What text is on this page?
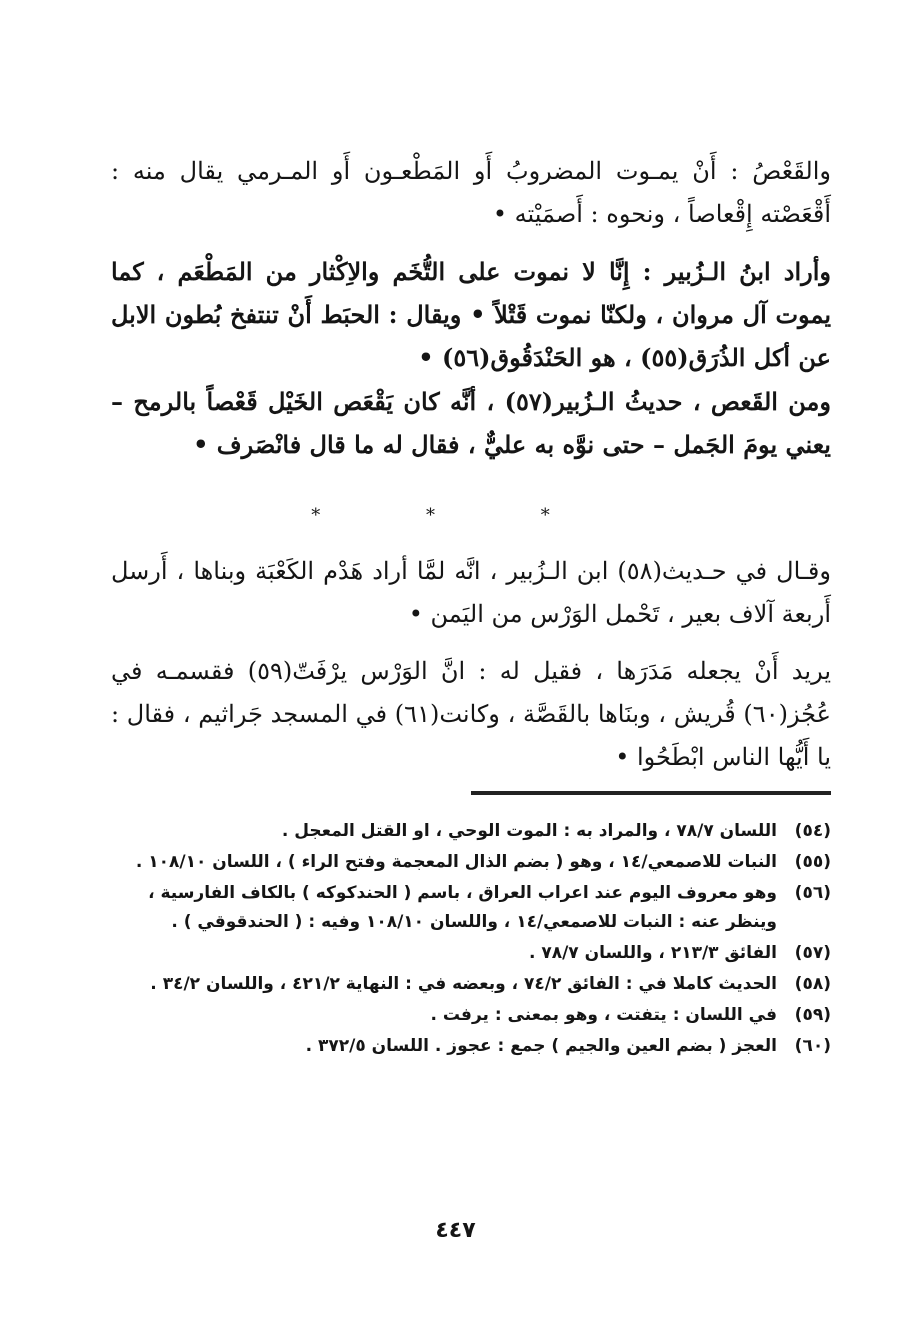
والقَعْصُ : أَنْ يمـوت المضروبُ أَو المَطْعـون أَو المـرمي يقال منه : أَقْعَصْته إِقْعاصاً ، ونحوه : أَصمَيْته •

وأراد ابنُ الـزُبير : إِنَّا لا نموت على التُّخَم والاِكْثار من المَطْعَم ، كما يموت آل مروان ، ولكنّا نموت قَتْلاً • ويقال : الحبَط أَنْ تنتفخ بُطون الابل عن أكل الذُرَق(٥٥) ، هو الحَنْدَقُوق(٥٦) •

ومن القَعص ، حديثُ الـزُبير(٥٧) ، أنَّه كان يَقْعَص الخَيْل قَعْصاً بالرمح – يعني يومَ الجَمل – حتى نوَّه به عليٌّ ، فقال له ما قال فانْصَرف •

* * *

وقـال في حـديث(٥٨) ابن الـزُبير ، انَّه لمَّا أراد هَدْم الكَعْبَة وبناها ، أَرسل أَربعة آلاف بعير ، تَحْمل الوَرْس من اليَمن •

يريد أَنْ يجعله مَدَرَها ، فقيل له : انَّ الوَرْس يرْفَتّ(٥٩) فقسمـه في عُجُز(٦٠) قُريش ، وبنَاها بالقَصَّة ، وكانت(٦١) في المسجد جَراثيم ، فقال : يا أَيُّها الناس ابْطَحُوا •

(٥٤)
اللسان ٧٨/٧ ، والمراد به : الموت الوحي ، او القتل المعجل .
(٥٥)
النبات للاصمعي/١٤ ، وهو ( بضم الذال المعجمة وفتح الراء ) ، اللسان ١٠٨/١٠ .
(٥٦)
وهو معروف اليوم عند اعراب العراق ، باسم ( الحندكوكه ) بالكاف الفارسية ، وينظر عنه : النبات للاصمعي/١٤ ، واللسان ١٠٨/١٠ وفيه : ( الحندقوقي ) .
(٥٧)
الفائق ٢١٣/٣ ، واللسان ٧٨/٧ .
(٥٨)
الحديث كاملا في : الفائق ٧٤/٢ ، وبعضه في : النهاية ٤٢١/٢ ، واللسان ٣٤/٢ .
(٥٩)
في اللسان : يتفتت ، وهو بمعنى : يرفت .
(٦٠)
العجز ( بضم العين والجيم ) جمع : عجوز . اللسان ٣٧٢/٥ .
٤٤٧
